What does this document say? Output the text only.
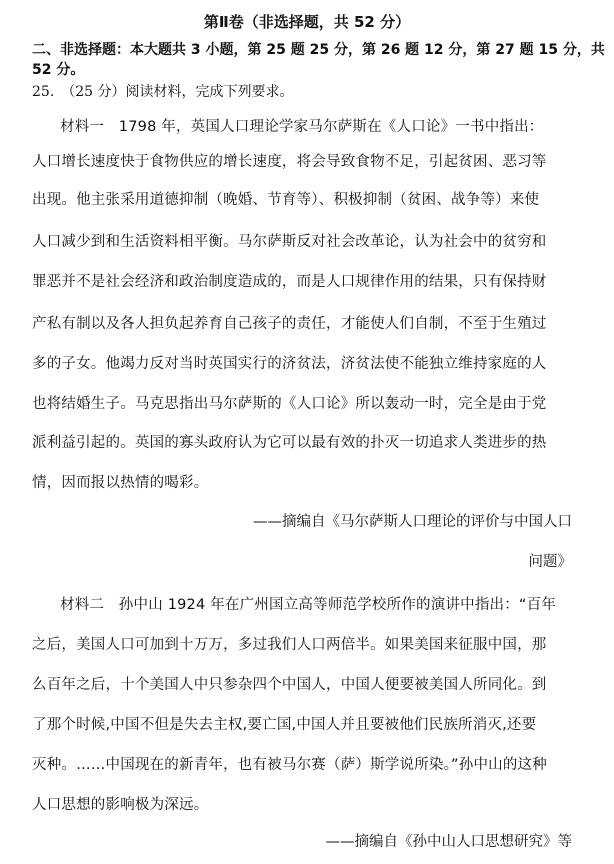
第Ⅱ卷（非选择题，共 52 分）
二、非选择题：本大题共 3 小题，第 25 题 25 分，第 26 题 12 分，第 27 题 15 分，共
52 分。
25.　（25 分）阅读材料，完成下列要求。
材料一　1798 年，英国人口理论学家马尔萨斯在《人口论》一书中指出：
人口增长速度快于食物供应的增长速度，将会导致食物不足，引起贫困、恶习等
出现。他主张采用道德抑制（晚婚、节育等）、积极抑制（贫困、战争等）来使
人口减少到和生活资料相平衡。马尔萨斯反对社会改革论，认为社会中的贫穷和
罪恶并不是社会经济和政治制度造成的，而是人口规律作用的结果，只有保持财
产私有制以及各人担负起养育自己孩子的责任，才能使人们自制，不至于生殖过
多的子女。他竭力反对当时英国实行的济贫法，济贫法使不能独立维持家庭的人
也将结婚生子。马克思指出马尔萨斯的《人口论》所以轰动一时，完全是由于党
派利益引起的。英国的寡头政府认为它可以最有效的扑灭一切追求人类进步的热
情，因而报以热情的喝彩。
——摘编自《马尔萨斯人口理论的评价与中国人口
问题》
材料二　孙中山 1924 年在广州国立高等师范学校所作的演讲中指出：“百年
之后，美国人口可加到十万万，多过我们人口两倍半。如果美国来征服中国，那
么百年之后，十个美国人中只参杂四个中国人，中国人便要被美国人所同化。到
了那个时候,中国不但是失去主权,要亡国,中国人并且要被他们民族所消灭,还要
灭种。……中国现在的新青年，也有被马尔赛（萨）斯学说所染。”孙中山的这种
人口思想的影响极为深远。
——摘编自《孙中山人口思想研究》等
